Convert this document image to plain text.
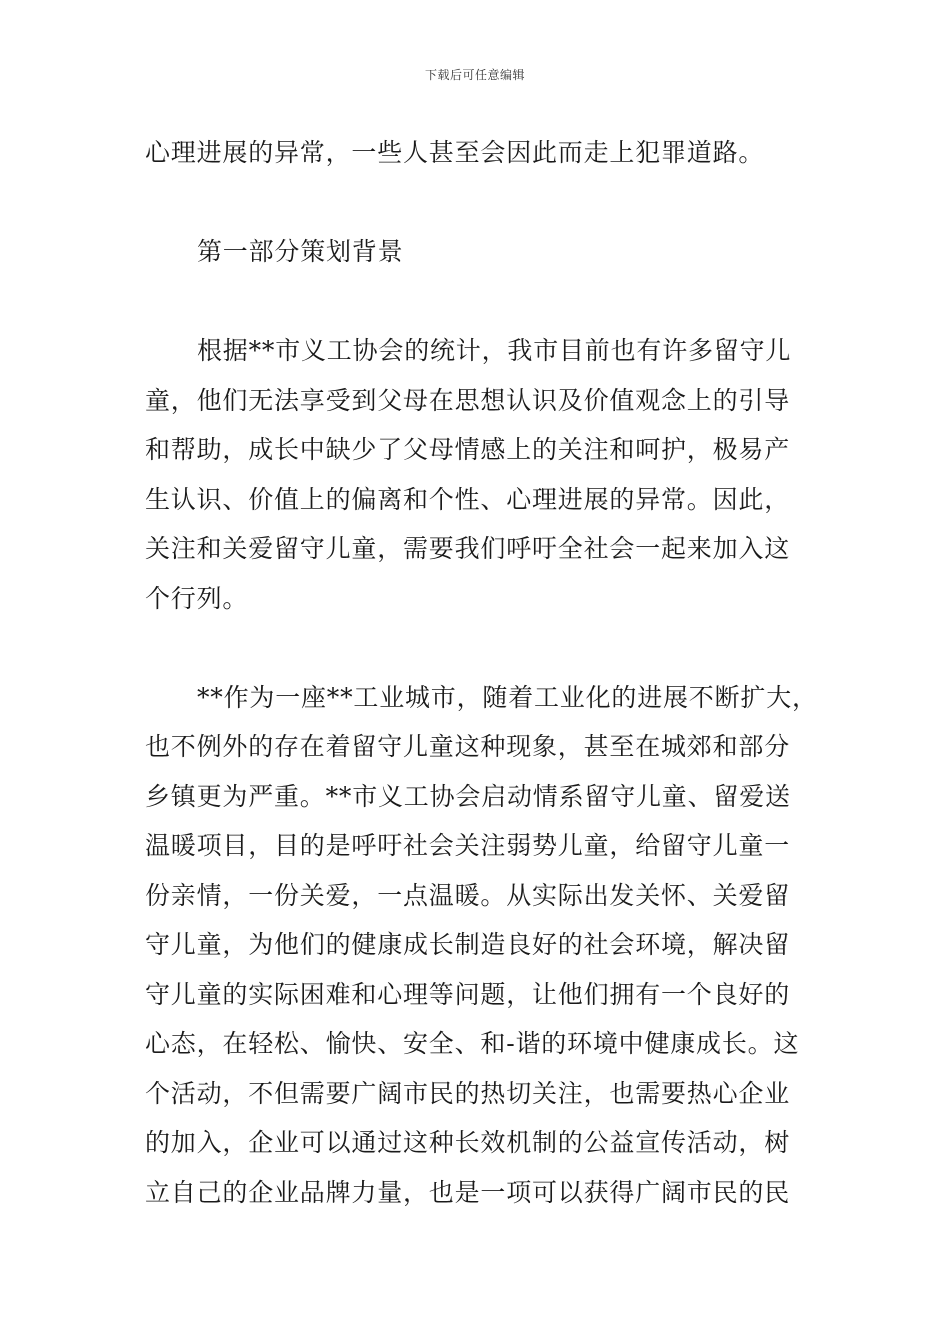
下载后可任意编辑
心理进展的异常，一些人甚至会因此而走上犯罪道路。
第一部分策划背景
根据**市义工协会的统计，我市目前也有许多留守儿
童，他们无法享受到父母在思想认识及价值观念上的引导
和帮助，成长中缺少了父母情感上的关注和呵护，极易产
生认识、价值上的偏离和个性、心理进展的异常。因此，
关注和关爱留守儿童，需要我们呼吁全社会一起来加入这
个行列。
**作为一座**工业城市，随着工业化的进展不断扩大，
也不例外的存在着留守儿童这种现象，甚至在城郊和部分
乡镇更为严重。**市义工协会启动情系留守儿童、留爱送
温暖项目，目的是呼吁社会关注弱势儿童，给留守儿童一
份亲情，一份关爱，一点温暖。从实际出发关怀、关爱留
守儿童，为他们的健康成长制造良好的社会环境，解决留
守儿童的实际困难和心理等问题，让他们拥有一个良好的
心态，在轻松、愉快、安全、和-谐的环境中健康成长。这
个活动，不但需要广阔市民的热切关注，也需要热心企业
的加入，企业可以通过这种长效机制的公益宣传活动，树
立自己的企业品牌力量，也是一项可以获得广阔市民的民
